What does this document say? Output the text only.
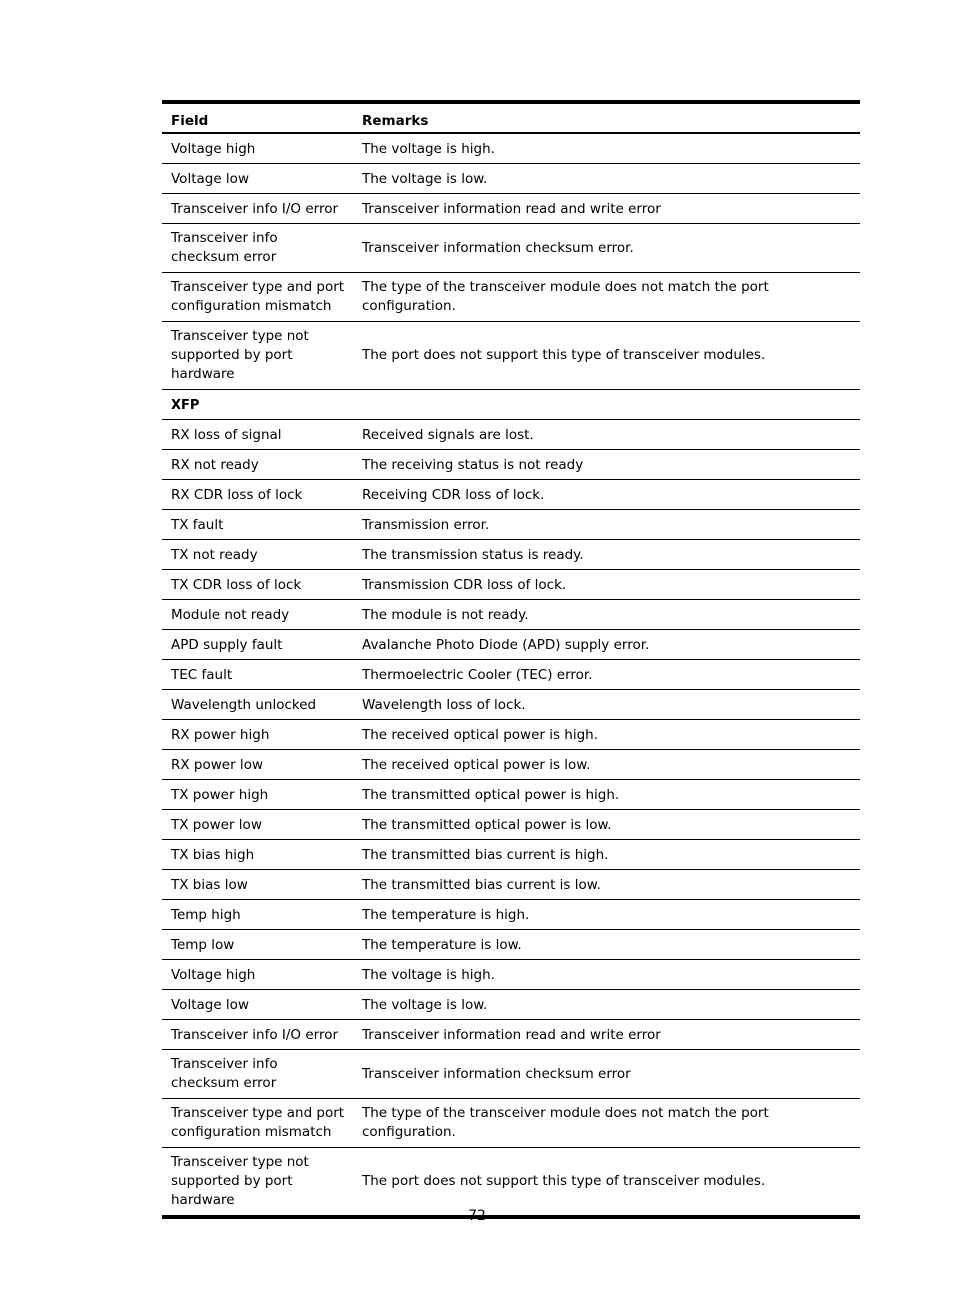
Field	Remarks
Voltage high	The voltage is high.
Voltage low	The voltage is low.
Transceiver info I/O error	Transceiver information read and write error
Transceiver info checksum error	Transceiver information checksum error.
Transceiver type and port configuration mismatch	The type of the transceiver module does not match the port configuration.
Transceiver type not supported by port hardware	The port does not support this type of transceiver modules.
XFP	
RX loss of signal	Received signals are lost.
RX not ready	The receiving status is not ready
RX CDR loss of lock	Receiving CDR loss of lock.
TX fault	Transmission error.
TX not ready	The transmission status is ready.
TX CDR loss of lock	Transmission CDR loss of lock.
Module not ready	The module is not ready.
APD supply fault	Avalanche Photo Diode (APD) supply error.
TEC fault	Thermoelectric Cooler (TEC) error.
Wavelength unlocked	Wavelength loss of lock.
RX power high	The received optical power is high.
RX power low	The received optical power is low.
TX power high	The transmitted optical power is high.
TX power low	The transmitted optical power is low.
TX bias high	The transmitted bias current is high.
TX bias low	The transmitted bias current is low.
Temp high	The temperature is high.
Temp low	The temperature is low.
Voltage high	The voltage is high.
Voltage low	The voltage is low.
Transceiver info I/O error	Transceiver information read and write error
Transceiver info checksum error	Transceiver information checksum error
Transceiver type and port configuration mismatch	The type of the transceiver module does not match the port configuration.
Transceiver type not supported by port hardware	The port does not support this type of transceiver modules.
72
